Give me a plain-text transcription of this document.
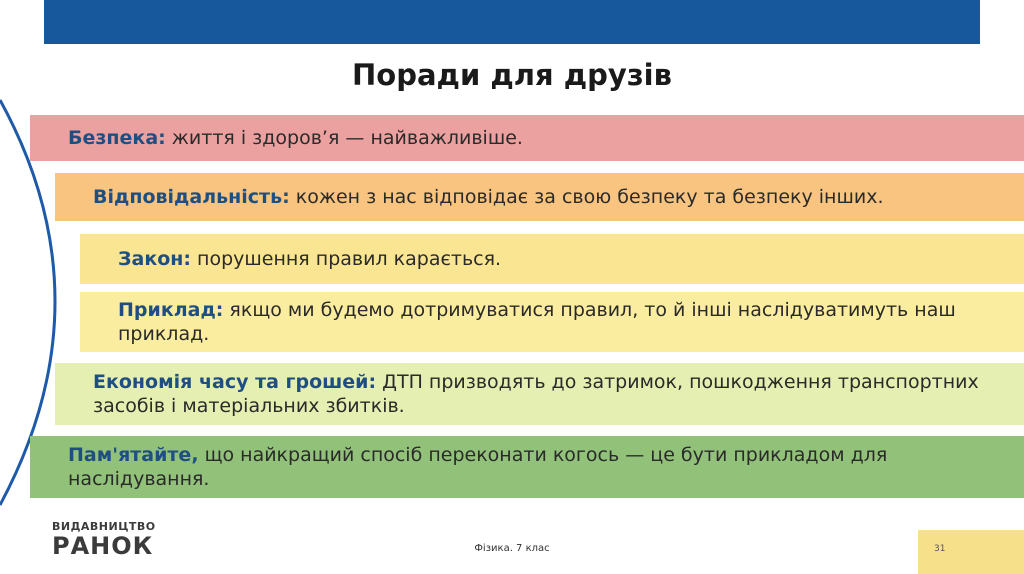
Поради для друзів
Безпека: життя і здоров’я — найважливіше.
Відповідальність: кожен з нас відповідає за свою безпеку та безпеку інших.
Закон: порушення правил карається.
Приклад: якщо ми будемо дотримуватися правил, то й інші наслідуватимуть наш приклад.
Економія часу та грошей: ДТП призводять до затримок, пошкодження транспортних засобів і матеріальних збитків.
Пам'ятайте, що найкращий спосіб переконати когось — це бути прикладом для наслідування.
ВИДАВНИЦТВО
РАНОК	Фізика. 7 клас	31
